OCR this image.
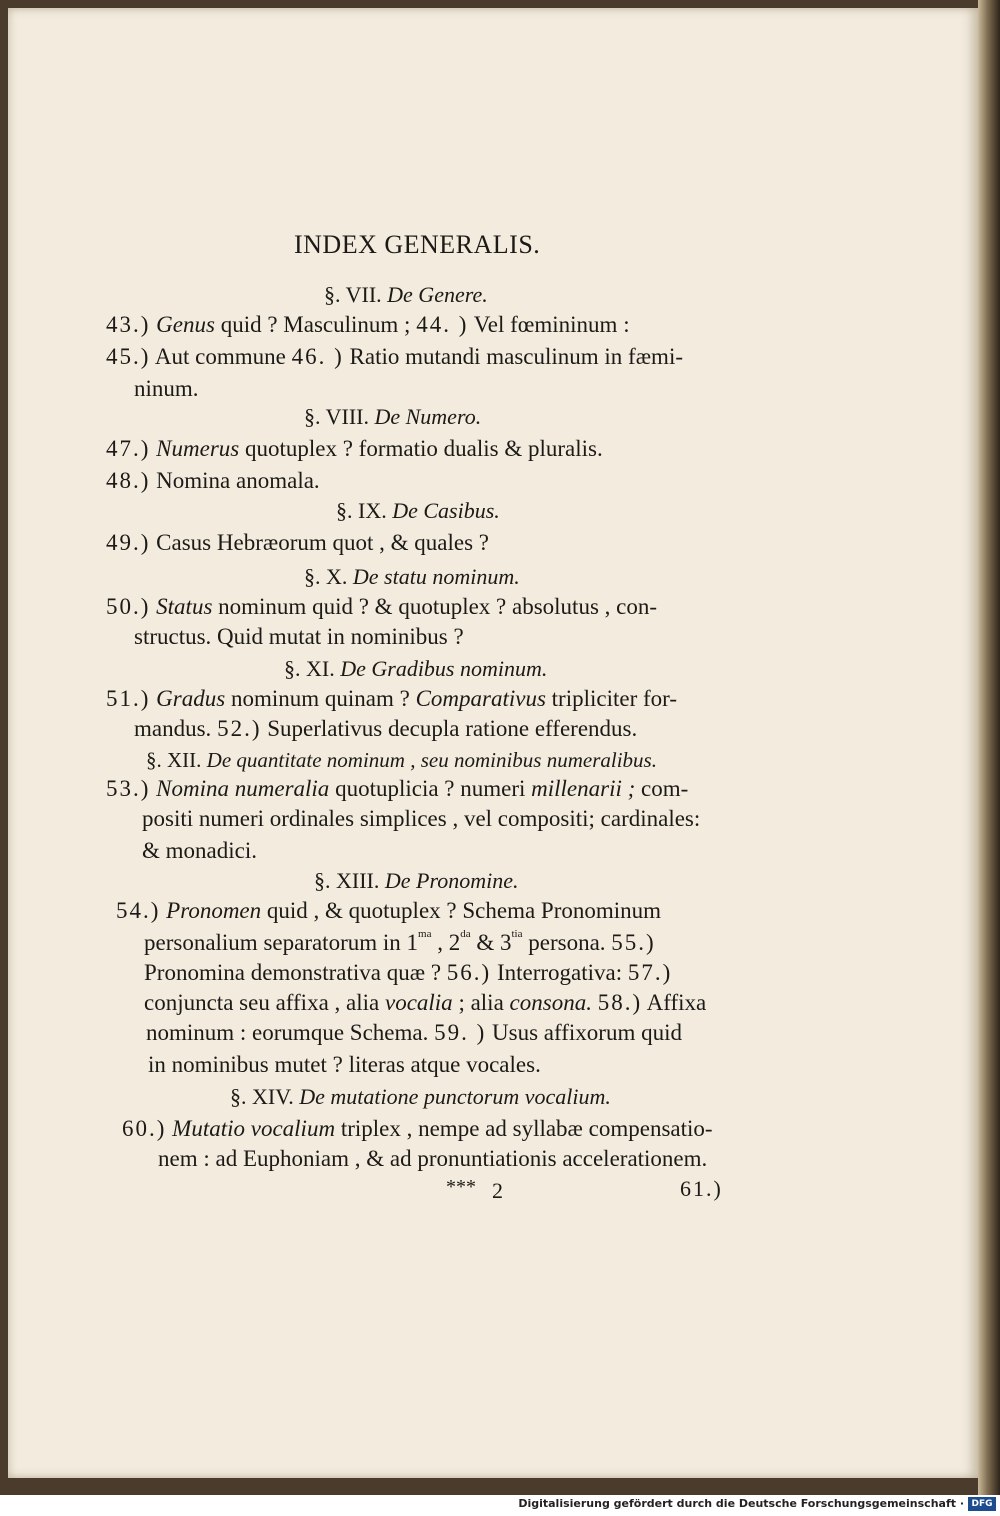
INDEX GENERALIS.
§. VII. De Genere.
43.) Genus quid ? Masculinum ; 44. ) Vel fœmininum :
45.) Aut commune 46. ) Ratio mutandi masculinum in fæmi-
ninum.
§. VIII. De Numero.
47.) Numerus quotuplex ? formatio dualis & pluralis.
48.) Nomina anomala.
§. IX. De Casibus.
49.) Casus Hebræorum quot , & quales ?
§. X. De statu nominum.
50.) Status nominum quid ? & quotuplex ? absolutus , con-
structus. Quid mutat in nominibus ?
§. XI. De Gradibus nominum.
51.) Gradus nominum quinam ? Comparativus tripliciter for-
mandus. 52.) Superlativus decupla ratione efferendus.
§. XII. De quantitate nominum , seu nominibus numeralibus.
53.) Nomina numeralia quotuplicia ? numeri millenarii ; com-
positi numeri ordinales simplices , vel compositi; cardinales:
& monadici.
§. XIII. De Pronomine.
54.) Pronomen quid , & quotuplex ? Schema Pronominum
personalium separatorum in $1^{ma}$ , $2^{da}$ & $3^{tia}$ persona. 55.)
Pronomina demonstrativa quæ ? 56.) Interrogativa: 57.)
conjuncta seu affixa , alia vocalia ; alia consona. 58.) Affixa
nominum : eorumque Schema. 59. ) Usus affixorum quid
in nominibus mutet ? literas atque vocales.
§. XIV. De mutatione punctorum vocalium.
60.) Mutatio vocalium triplex , nempe ad syllabæ compensatio-
nem : ad Euphoniam , & ad pronuntiationis accelerationem.
*** 2	61.)
Digitalisierung gefördert durch die Deutsche Forschungsgemeinschaft · DFG
